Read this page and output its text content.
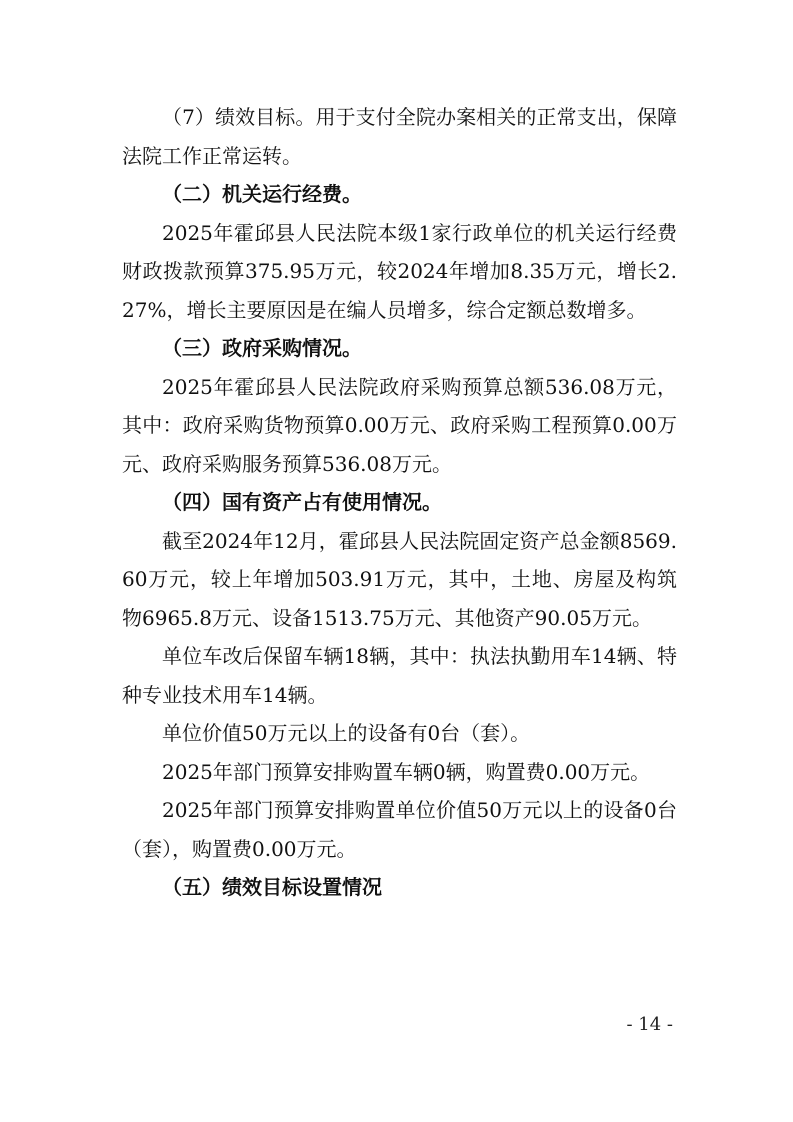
（7）绩效目标。用于支付全院办案相关的正常支出，保障法院工作正常运转。

（二）机关运行经费。

2025年霍邱县人民法院本级1家行政单位的机关运行经费财政拨款预算375.95万元，较2024年增加8.35万元，增长2.27%，增长主要原因是在编人员增多，综合定额总数增多。

（三）政府采购情况。

2025年霍邱县人民法院政府采购预算总额536.08万元，其中：政府采购货物预算0.00万元、政府采购工程预算0.00万元、政府采购服务预算536.08万元。

（四）国有资产占有使用情况。

截至2024年12月，霍邱县人民法院固定资产总金额8569.60万元，较上年增加503.91万元，其中，土地、房屋及构筑物6965.8万元、设备1513.75万元、其他资产90.05万元。

单位车改后保留车辆18辆，其中：执法执勤用车14辆、特种专业技术用车14辆。

单位价值50万元以上的设备有0台（套）。

2025年部门预算安排购置车辆0辆，购置费0.00万元。

2025年部门预算安排购置单位价值50万元以上的设备0台（套），购置费0.00万元。

（五）绩效目标设置情况

- 14 -
